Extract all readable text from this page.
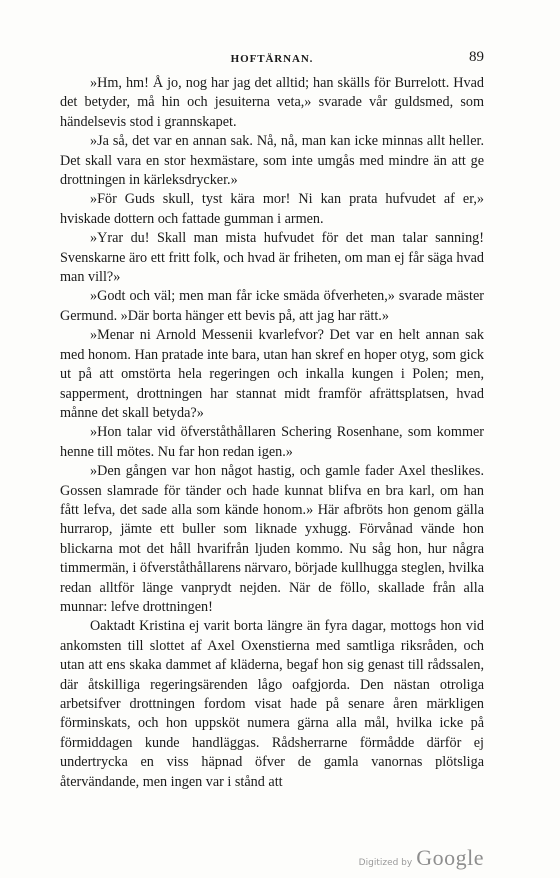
HOFTÄRNAN.	89

»Hm, hm! Å jo, nog har jag det alltid; han skälls för Burrelott. Hvad det betyder, må hin och jesuiterna veta,» svarade vår guldsmed, som händelsevis stod i grannskapet.

»Ja så, det var en annan sak. Nå, nå, man kan icke minnas allt heller. Det skall vara en stor hexmästare, som inte umgås med mindre än att ge drottningen in kärleksdrycker.»

»För Guds skull, tyst kära mor! Ni kan prata hufvudet af er,» hviskade dottern och fattade gumman i armen.

»Yrar du! Skall man mista hufvudet för det man talar sanning! Svenskarne äro ett fritt folk, och hvad är friheten, om man ej får säga hvad man vill?»

»Godt och väl; men man får icke smäda öfverheten,» svarade mäster Germund. »Där borta hänger ett bevis på, att jag har rätt.»

»Menar ni Arnold Messenii kvarlefvor? Det var en helt annan sak med honom. Han pratade inte bara, utan han skref en hoper otyg, som gick ut på att omstörta hela regeringen och inkalla kungen i Polen; men, sapperment, drottningen har stannat midt framför afrättsplatsen, hvad månne det skall betyda?»

»Hon talar vid öfverståthållaren Schering Rosenhane, som kommer henne till mötes. Nu far hon redan igen.»

»Den gången var hon något hastig, och gamle fader Axel theslikes. Gossen slamrade för tänder och hade kunnat blifva en bra karl, om han fått lefva, det sade alla som kände honom.» Här afbröts hon genom gälla hurrarop, jämte ett buller som liknade yxhugg. Förvånad vände hon blickarna mot det håll hvarifrån ljuden kommo. Nu såg hon, hur några timmermän, i öfverståthållarens närvaro, började kullhugga steglen, hvilka redan alltför länge vanprydt nejden. När de föllo, skallade från alla munnar: lefve drottningen!

Oaktadt Kristina ej varit borta längre än fyra dagar, mottogs hon vid ankomsten till slottet af Axel Oxenstierna med samtliga riksråden, och utan att ens skaka dammet af kläderna, begaf hon sig genast till rådssalen, där åtskilliga regeringsärenden lågo oafgjorda. Den nästan otroliga arbetsifver drottningen fordom visat hade på senare åren märkligen förminskats, och hon uppsköt numera gärna alla mål, hvilka icke på förmiddagen kunde handläggas. Rådsherrarne förmådde därför ej undertrycka en viss häpnad öfver de gamla vanornas plötsliga återvändande, men ingen var i stånd att

Digitized by Google
